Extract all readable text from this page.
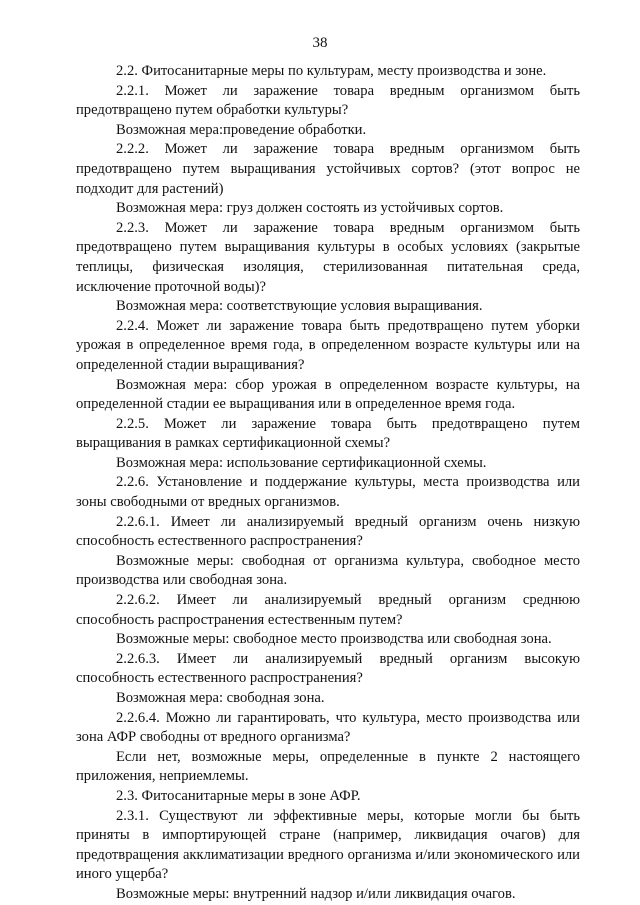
38

2.2. Фитосанитарные меры по культурам, месту производства и зоне.

2.2.1. Может ли заражение товара вредным организмом быть предотвращено путем обработки культуры?

Возможная мера:проведение обработки.

2.2.2. Может ли заражение товара вредным организмом быть предотвращено путем выращивания устойчивых сортов? (этот вопрос не подходит для растений)

Возможная мера: груз должен состоять из устойчивых сортов.

2.2.3. Может ли заражение товара вредным организмом быть предотвращено путем выращивания культуры в особых условиях (закрытые теплицы, физическая изоляция, стерилизованная питательная среда, исключение проточной воды)?

Возможная мера: соответствующие условия выращивания.

2.2.4. Может ли заражение товара быть предотвращено путем уборки урожая в определенное время года, в определенном возрасте культуры или на определенной стадии выращивания?

Возможная мера: сбор урожая в определенном возрасте культуры, на определенной стадии ее выращивания или в определенное время года.

2.2.5. Может ли заражение товара быть предотвращено путем выращивания в рамках сертификационной схемы?

Возможная мера: использование сертификационной схемы.

2.2.6. Установление и поддержание культуры, места производства или зоны свободными от вредных организмов.

2.2.6.1. Имеет ли анализируемый вредный организм очень низкую способность естественного распространения?

Возможные меры: свободная от организма культура, свободное место производства или свободная зона.

2.2.6.2. Имеет ли анализируемый вредный организм среднюю способность распространения естественным путем?

Возможные меры: свободное место производства или свободная зона.

2.2.6.3. Имеет ли анализируемый вредный организм высокую способность естественного распространения?

Возможная мера: свободная зона.

2.2.6.4. Можно ли гарантировать, что культура, место производства или зона АФР свободны от вредного организма?

Если нет, возможные меры, определенные в пункте 2 настоящего приложения, неприемлемы.

2.3. Фитосанитарные меры в зоне АФР.

2.3.1. Существуют ли эффективные меры, которые могли бы быть приняты в импортирующей стране (например, ликвидация очагов) для предотвращения акклиматизации вредного организма и/или экономического или иного ущерба?

Возможные меры: внутренний надзор и/или ликвидация очагов.
